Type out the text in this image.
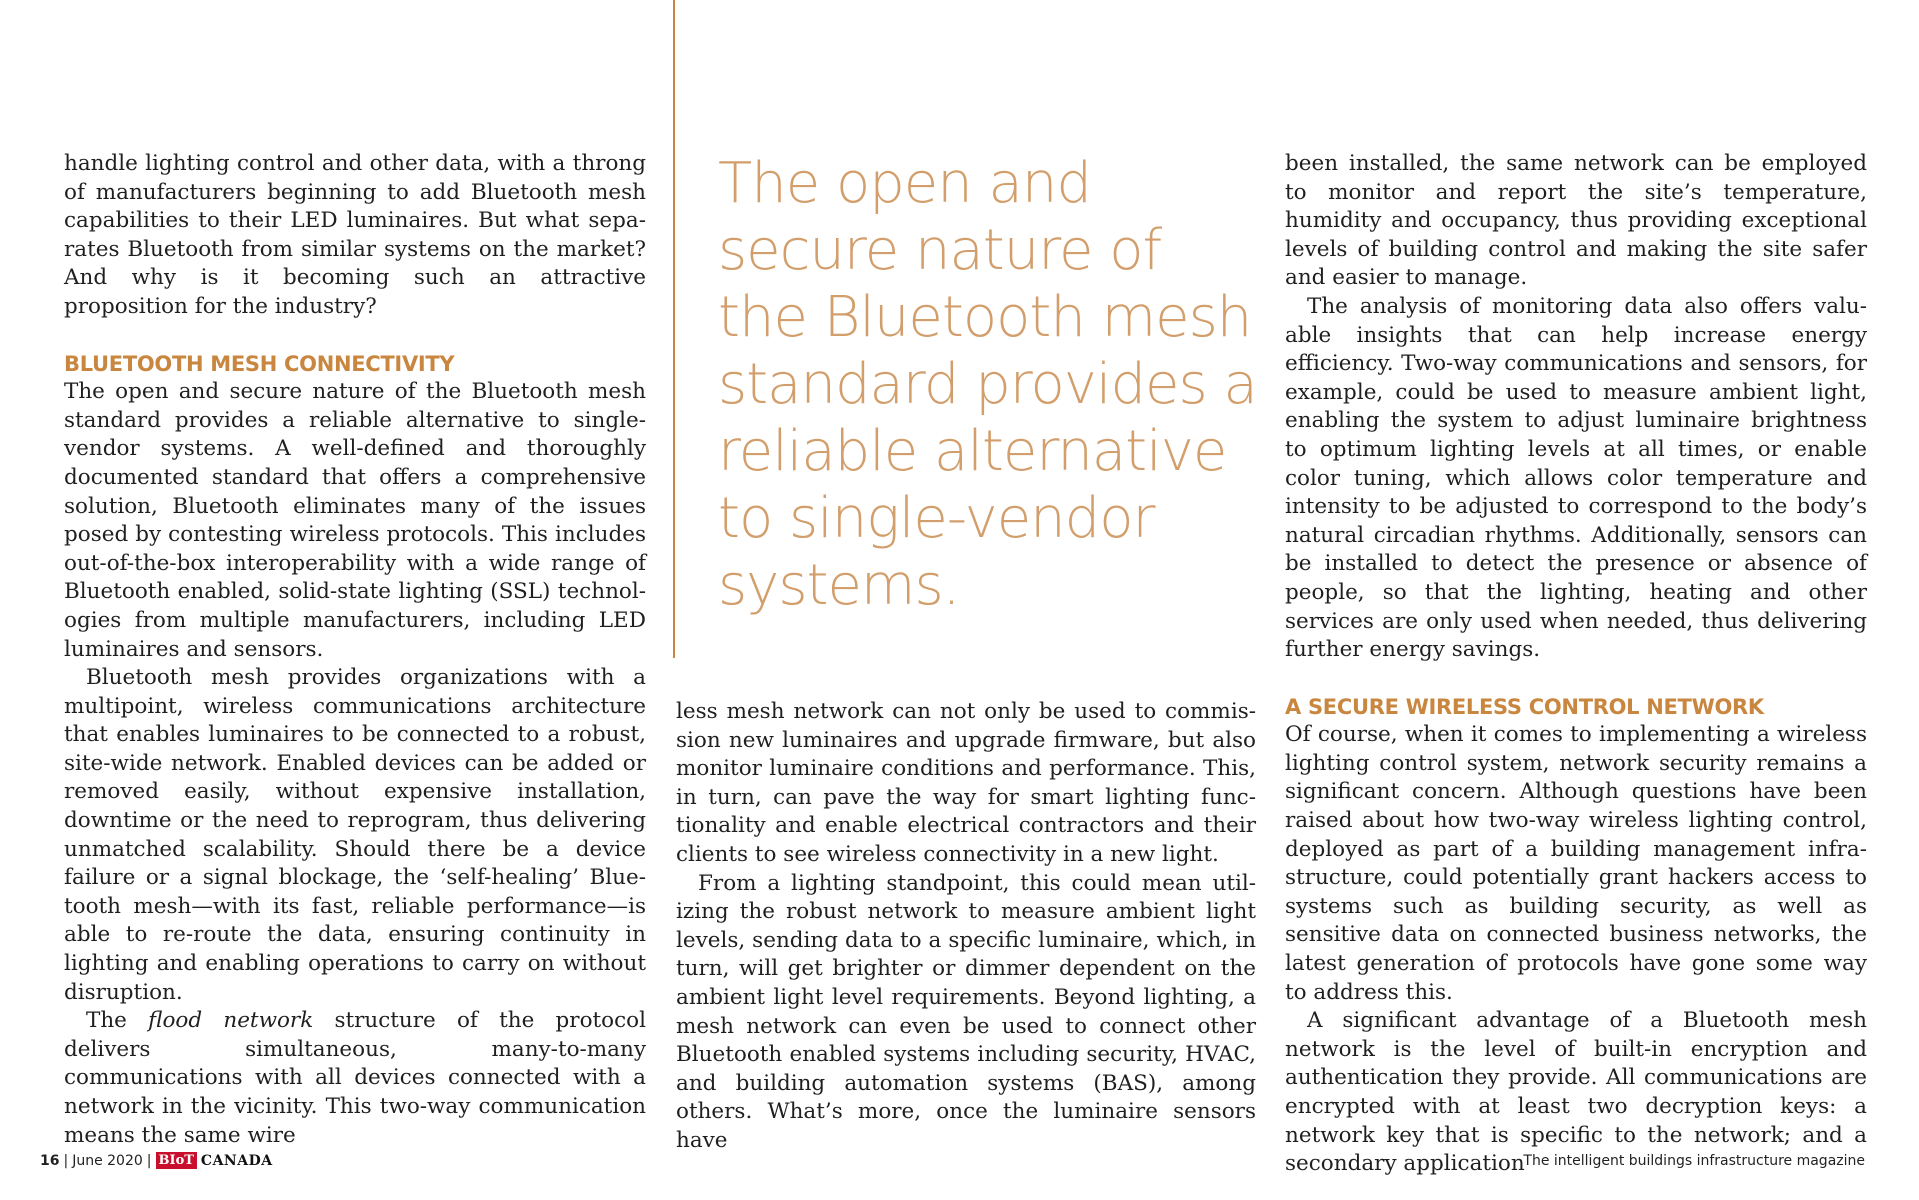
handle lighting control and other data, with a throng of manufacturers beginning to add Bluetooth mesh capabilities to their LED luminaires. But what separates Bluetooth from similar systems on the market? And why is it becoming such an attractive proposition for the industry?

BLUETOOTH MESH CONNECTIVITY

The open and secure nature of the Bluetooth mesh standard provides a reliable alternative to single-vendor systems. A well-defined and thoroughly documented standard that offers a comprehensive solution, Bluetooth eliminates many of the issues posed by contesting wireless protocols. This includes out-of-the-box interoperability with a wide range of Bluetooth enabled, solid-state lighting (SSL) technologies from multiple manufacturers, including LED luminaires and sensors.

Bluetooth mesh provides organizations with a multipoint, wireless communications architecture that enables luminaires to be connected to a robust, site-wide network. Enabled devices can be added or removed easily, without expensive installation, downtime or the need to reprogram, thus delivering unmatched scalability. Should there be a device failure or a signal blockage, the ‘self-healing’ Bluetooth mesh—with its fast, reliable performance—is able to re-route the data, ensuring continuity in lighting and enabling operations to carry on without disruption.

The flood network structure of the protocol delivers simultaneous, many-to-many communications with all devices connected with a network in the vicinity. This two-way communication means the same wire

The open and secure nature of the Bluetooth mesh standard provides a reliable alternative to single-vendor systems.

less mesh network can not only be used to commission new luminaires and upgrade firmware, but also monitor luminaire conditions and performance. This, in turn, can pave the way for smart lighting functionality and enable electrical contractors and their clients to see wireless connectivity in a new light.

From a lighting standpoint, this could mean utilizing the robust network to measure ambient light levels, sending data to a specific luminaire, which, in turn, will get brighter or dimmer dependent on the ambient light level requirements. Beyond lighting, a mesh network can even be used to connect other Bluetooth enabled systems including security, HVAC, and building automation systems (BAS), among others. What’s more, once the luminaire sensors have

been installed, the same network can be employed to monitor and report the site’s temperature, humidity and occupancy, thus providing exceptional levels of building control and making the site safer and easier to manage.

The analysis of monitoring data also offers valuable insights that can help increase energy efficiency. Two-way communications and sensors, for example, could be used to measure ambient light, enabling the system to adjust luminaire brightness to optimum lighting levels at all times, or enable color tuning, which allows color temperature and intensity to be adjusted to correspond to the body’s natural circadian rhythms. Additionally, sensors can be installed to detect the presence or absence of people, so that the lighting, heating and other services are only used when needed, thus delivering further energy savings.

A SECURE WIRELESS CONTROL NETWORK

Of course, when it comes to implementing a wireless lighting control system, network security remains a significant concern. Although questions have been raised about how two-way wireless lighting control, deployed as part of a building management infrastructure, could potentially grant hackers access to systems such as building security, as well as sensitive data on connected business networks, the latest generation of protocols have gone some way to address this.

A significant advantage of a Bluetooth mesh network is the level of built-in encryption and authentication they provide. All communications are encrypted with at least two decryption keys: a network key that is specific to the network; and a secondary application

16 | June 2020 | BIoT CANADA	The intelligent buildings infrastructure magazine
